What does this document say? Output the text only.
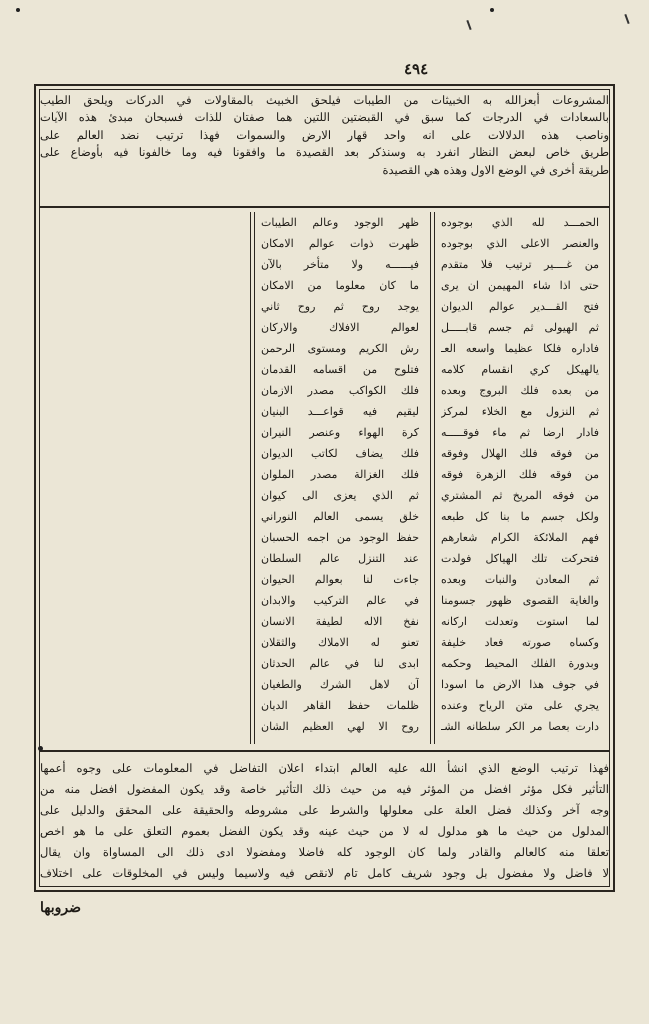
٤٩٤
المشروعات أبعزالله به الخبيثات من الطيبات فيلحق الخبيث بالمقاولات في الدركات ويلحق الطيب
بالسعادات في الدرجات كما سبق في القبضتين اللتين هما صفتان للذات فسبحان مبدئ هذه الآيات
وناصب هذه الدلالات على انه واحد قهار الارض والسموات فهذا ترتيب نضد العالم على
طريق خاص لبعض النظار انفرد به وسنذكر بعد القصيدة ما وافقونا فيه وما خالفونا فيه بأوضاع على
طريقة أخرى في الوضع الاول وهذه هي القصيدة
الحمـــد لله الذي بوجوده
والعنصر الاعلى الذي بوجوده
من غــــير ترتيب فلا متقدم
حتى اذا شاء المهيمن ان يرى
فتح القـــدير عوالم الديوان
ثم الهيولى ثم جسم قابـــــل
فاداره فلكا عظيما واسعه العـ
يالهيكل كري انقسام كلامه
من بعده فلك البروج وبعده
ثم النزول مع الخلاء لمركز
فادار ارضا ثم ماء فوقـــــه
من فوقه فلك الهلال وفوقه
من فوقه فلك الزهرة فوقه
من فوقه المريخ ثم المشتري
ولكل جسم ما بنا كل طبعه
فهم الملائكة الكرام شعارهم
فتحركت تلك الهياكل فولدت
ثم المعادن والنبات وبعده
والغاية القصوى ظهور جسومنا
لما استوت وتعدلت اركانه
وكساه صورته فعاد خليفة
وبدورة الفلك المحيط وحكمه
في جوف هذا الارض ما اسودا
يجري على متن الرياح وعنده
دارت بعصا مر الكر سلطانه الشـ
ظهر الوجود وعالم الطيبات
ظهرت ذوات عوالم الامكان
فيــــــه ولا متأخر بالآن
ما كان معلوما من الامكان
يوجد روح ثم روح ثاني
لعوالم الافلاك والاركان
رش الكريم ومستوى الرحمن
فتلوح من اقسامه القدمان
فلك الكواكب مصدر الازمان
ليقيم فيه قواعـــد البنيان
كرة الهواء وعنصر النيران
فلك يضاف لكاتب الديوان
فلك الغزالة مصدر الملوان
ثم الذي يعزى الى كيوان
خلق يسمى العالم النوراني
حفظ الوجود من اجمه الحسبان
عند التنزل عالم السلطان
جاءت لنا بعوالم الحيوان
في عالم التركيب والابدان
نفخ الاله لطيفة الانسان
تعنو له الاملاك والثقلان
ابدى لنا في عالم الحدثان
آن لاهل الشرك والطغيان
ظلمات حفظ القاهر الديان
روح الا لهي العظيم الشان
فهذا ترتيب الوضع الذي انشأ الله عليه العالم ابتداء اعلان التفاضل في المعلومات على وجوه أعمها
التأثير فكل مؤثر افضل من المؤثر فيه من حيث ذلك التأثير خاصة وقد يكون المفضول افضل منه من
وجه آخر وكذلك فضل العلة على معلولها والشرط على مشروطه والحقيقة على المحقق والدليل على
المدلول من حيث ما هو مدلول له لا من حيث عينه وقد يكون الفضل بعموم التعلق على ما هو اخص
تعلقا منه كالعالم والقادر ولما كان الوجود كله فاضلا ومفضولا ادى ذلك الى المساواة وان يقال
لا فاضل ولا مفضول بل وجود شريف كامل تام لانقص فيه ولاسيما وليس في المخلوقات على اختلاف
ضروبها
